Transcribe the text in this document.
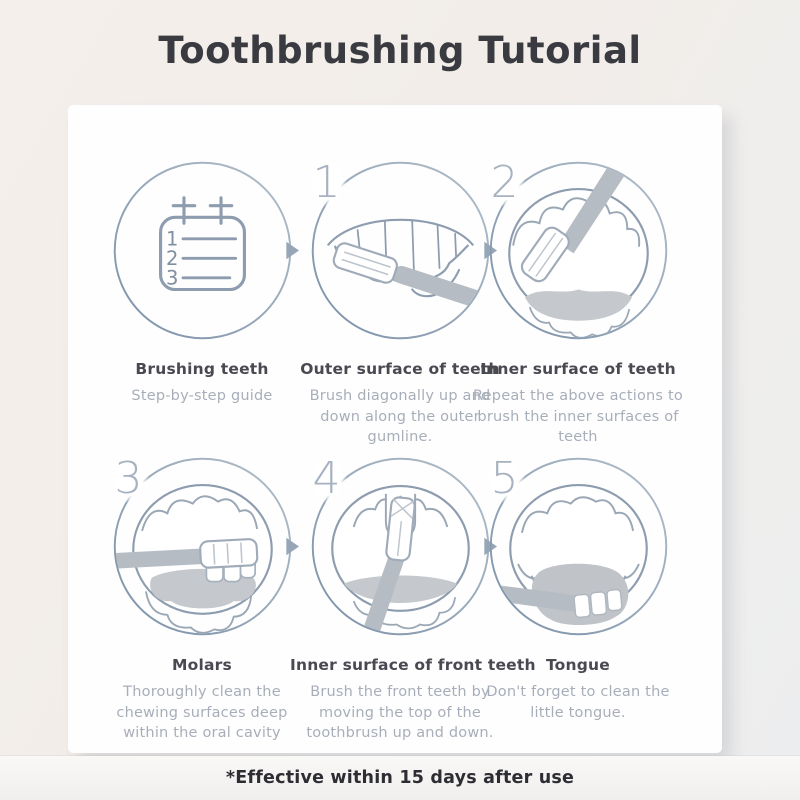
Toothbrushing Tutorial
1
2
3
Brushing teeth
Step-by-step guide
1
Outer surface of teeth
Brush diagonally up and down along the outer gumline.
2
Inner surface of teeth
Repeat the above actions to brush the inner surfaces of teeth
3
Molars
Thoroughly clean the chewing surfaces deep within the oral cavity
4
Inner surface of front teeth
Brush the front teeth by moving the top of the toothbrush up and down.
5
Tongue
Don't forget to clean the little tongue.
*Effective within 15 days after use
